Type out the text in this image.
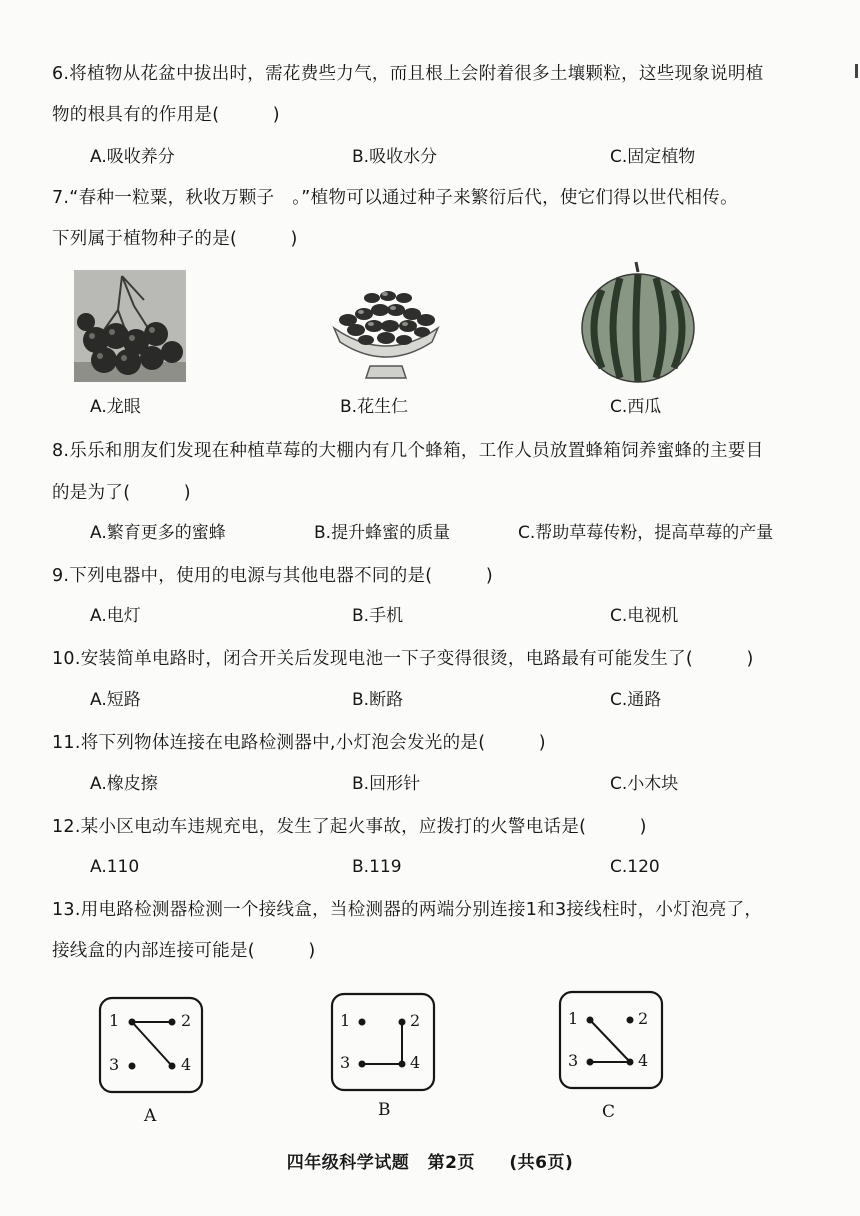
6.将植物从花盆中拔出时，需花费些力气，而且根上会附着很多土壤颗粒，这些现象说明植
物的根具有的作用是(　　　)
A.吸收养分	B.吸收水分	C.固定植物
7.“春种一粒粟，秋收万颗子　。”植物可以通过种子来繁衍后代，使它们得以世代相传。
下列属于植物种子的是(　　　)
A.龙眼	B.花生仁	C.西瓜
8.乐乐和朋友们发现在种植草莓的大棚内有几个蜂箱，工作人员放置蜂箱饲养蜜蜂的主要目
的是为了(　　　)
A.繁育更多的蜜蜂	B.提升蜂蜜的质量	C.帮助草莓传粉，提高草莓的产量
9.下列电器中，使用的电源与其他电器不同的是(　　　)
A.电灯	B.手机	C.电视机
10.安装简单电路时，闭合开关后发现电池一下子变得很烫，电路最有可能发生了(　　　)
A.短路	B.断路	C.通路
11.将下列物体连接在电路检测器中,小灯泡会发光的是(　　　)
A.橡皮擦	B.回形针	C.小木块
12.某小区电动车违规充电，发生了起火事故，应拨打的火警电话是(　　　)
A.110	B.119	C.120
13.用电路检测器检测一个接线盒，当检测器的两端分别连接1和3接线柱时，小灯泡亮了，
接线盒的内部连接可能是(　　　)
1	2
3	4
A
1	2
3	4
B
1	2
3	4
C
四年级科学试题 第2页 (共6页)
